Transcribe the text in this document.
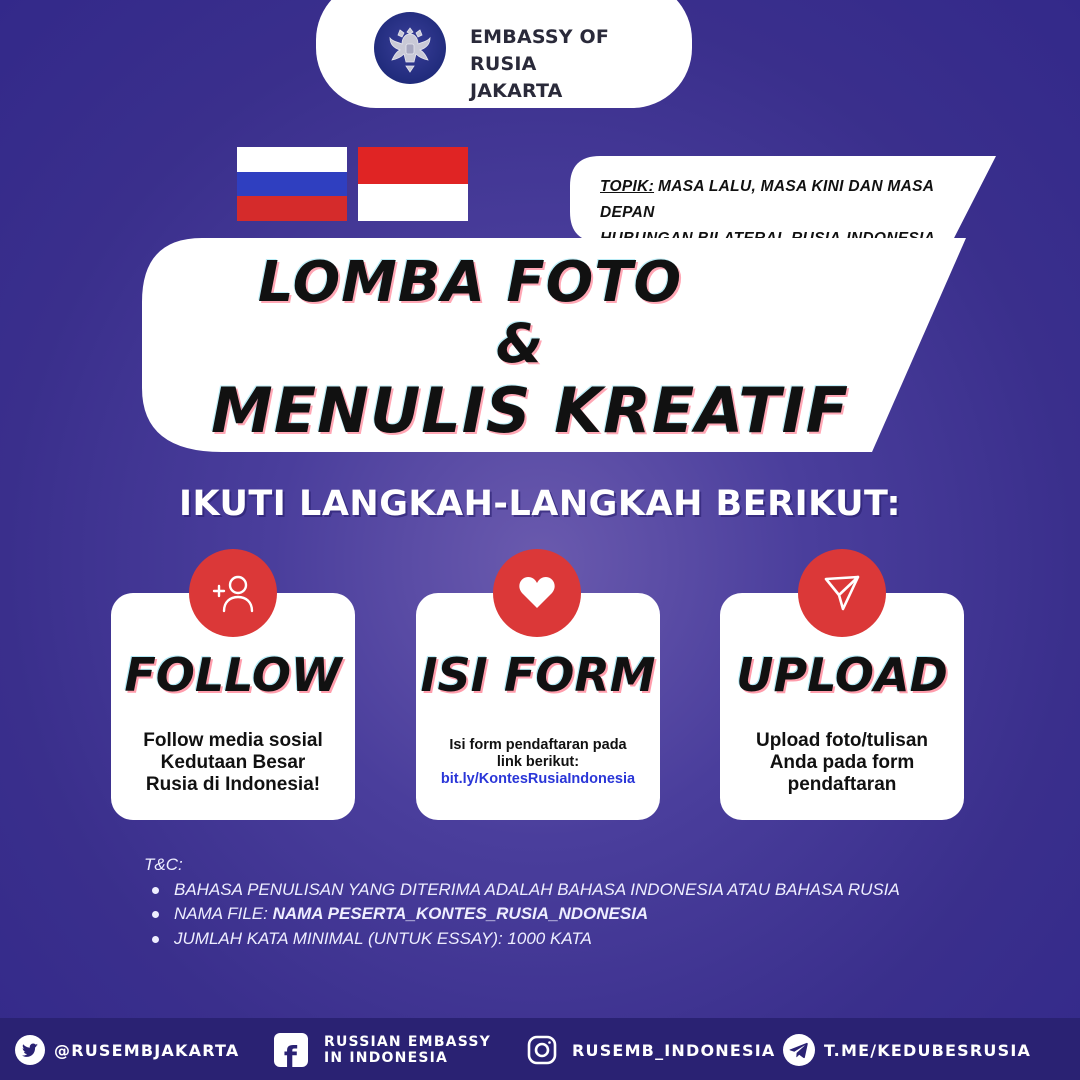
EMBASSY OF RUSIA
JAKARTA
TOPIK: MASA LALU, MASA KINI DAN MASA DEPAN
LOMBA FOTO
&
MENULIS KREATIF
IKUTI LANGKAH-LANGKAH BERIKUT:
FOLLOW ISI FORM	UPLOAD
Follow media sosial
Kedutaan Besar
Rusia di Indonesia!
Isi form pendaftaran pada
link berikut:
bit.ly/KontesRusiaIndonesia
Upload foto/tulisan
Anda pada form
pendaftaran
T&C:
BAHASA PENULISAN YANG DITERIMA ADALAH BAHASA INDONESIA ATAU BAHASA RUSIA
NAMA FILE: NAMA PESERTA_KONTES_RUSIA_NDONESIA
JUMLAH KATA MINIMAL (UNTUK ESSAY): 1000 KATA
@RUSEMBJAKARTA	f	RUSSIAN EMBASSY
IN INDONESIA	RUSEMB_INDONESIA	T.ME/KEDUBESRUSIA
